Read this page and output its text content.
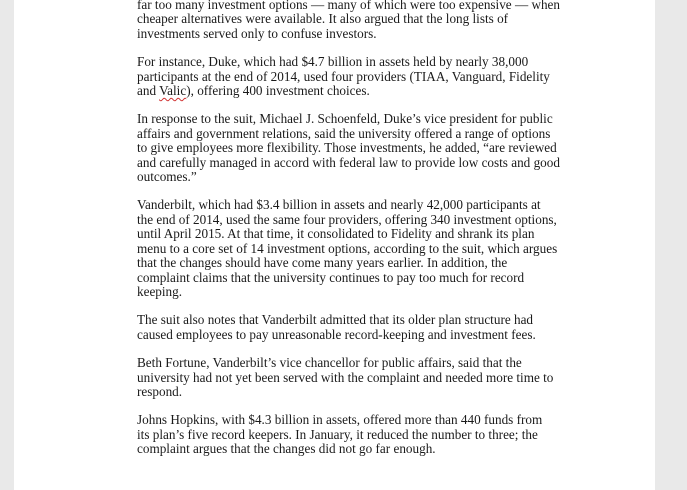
far too many investment options — many of which were too expensive — when
cheaper alternatives were available. It also argued that the long lists of
investments served only to confuse investors.

For instance, Duke, which had $4.7 billion in assets held by nearly 38,000
participants at the end of 2014, used four providers (TIAA, Vanguard, Fidelity
and Valic), offering 400 investment choices.

In response to the suit, Michael J. Schoenfeld, Duke’s vice president for public
affairs and government relations, said the university offered a range of options
to give employees more flexibility. Those investments, he added, “are reviewed
and carefully managed in accord with federal law to provide low costs and good
outcomes.”

Vanderbilt, which had $3.4 billion in assets and nearly 42,000 participants at
the end of 2014, used the same four providers, offering 340 investment options,
until April 2015. At that time, it consolidated to Fidelity and shrank its plan
menu to a core set of 14 investment options, according to the suit, which argues
that the changes should have come many years earlier. In addition, the
complaint claims that the university continues to pay too much for record
keeping.

The suit also notes that Vanderbilt admitted that its older plan structure had
caused employees to pay unreasonable record-keeping and investment fees.

Beth Fortune, Vanderbilt’s vice chancellor for public affairs, said that the
university had not yet been served with the complaint and needed more time to
respond.

Johns Hopkins, with $4.3 billion in assets, offered more than 440 funds from
its plan’s five record keepers. In January, it reduced the number to three; the
complaint argues that the changes did not go far enough.
